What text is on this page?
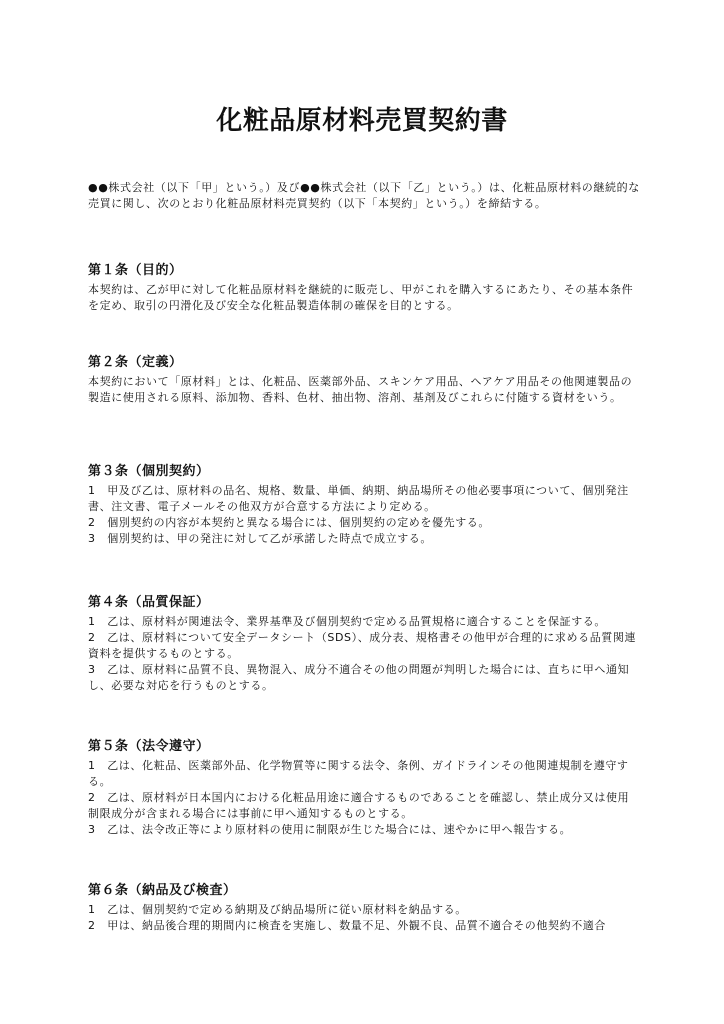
化粧品原材料売買契約書
●●株式会社（以下「甲」という。）及び●●株式会社（以下「乙」という。）は、化粧品原材料の継続的な売買に関し、次のとおり化粧品原材料売買契約（以下「本契約」という。）を締結する。
第１条（目的）

本契約は、乙が甲に対して化粧品原材料を継続的に販売し、甲がこれを購入するにあたり、その基本条件を定め、取引の円滑化及び安全な化粧品製造体制の確保を目的とする。

第２条（定義）

本契約において「原材料」とは、化粧品、医薬部外品、スキンケア用品、ヘアケア用品その他関連製品の製造に使用される原料、添加物、香料、色材、抽出物、溶剤、基剤及びこれらに付随する資材をいう。

第３条（個別契約）

1　甲及び乙は、原材料の品名、規格、数量、単価、納期、納品場所その他必要事項について、個別発注書、注文書、電子メールその他双方が合意する方法により定める。

2　個別契約の内容が本契約と異なる場合には、個別契約の定めを優先する。

3　個別契約は、甲の発注に対して乙が承諾した時点で成立する。

第４条（品質保証）

1　乙は、原材料が関連法令、業界基準及び個別契約で定める品質規格に適合することを保証する。

2　乙は、原材料について安全データシート（SDS）、成分表、規格書その他甲が合理的に求める品質関連資料を提供するものとする。

3　乙は、原材料に品質不良、異物混入、成分不適合その他の問題が判明した場合には、直ちに甲へ通知し、必要な対応を行うものとする。

第５条（法令遵守）

1　乙は、化粧品、医薬部外品、化学物質等に関する法令、条例、ガイドラインその他関連規制を遵守する。

2　乙は、原材料が日本国内における化粧品用途に適合するものであることを確認し、禁止成分又は使用制限成分が含まれる場合には事前に甲へ通知するものとする。

3　乙は、法令改正等により原材料の使用に制限が生じた場合には、速やかに甲へ報告する。

第６条（納品及び検査）

1　乙は、個別契約で定める納期及び納品場所に従い原材料を納品する。

2　甲は、納品後合理的期間内に検査を実施し、数量不足、外観不良、品質不適合その他契約不適合
